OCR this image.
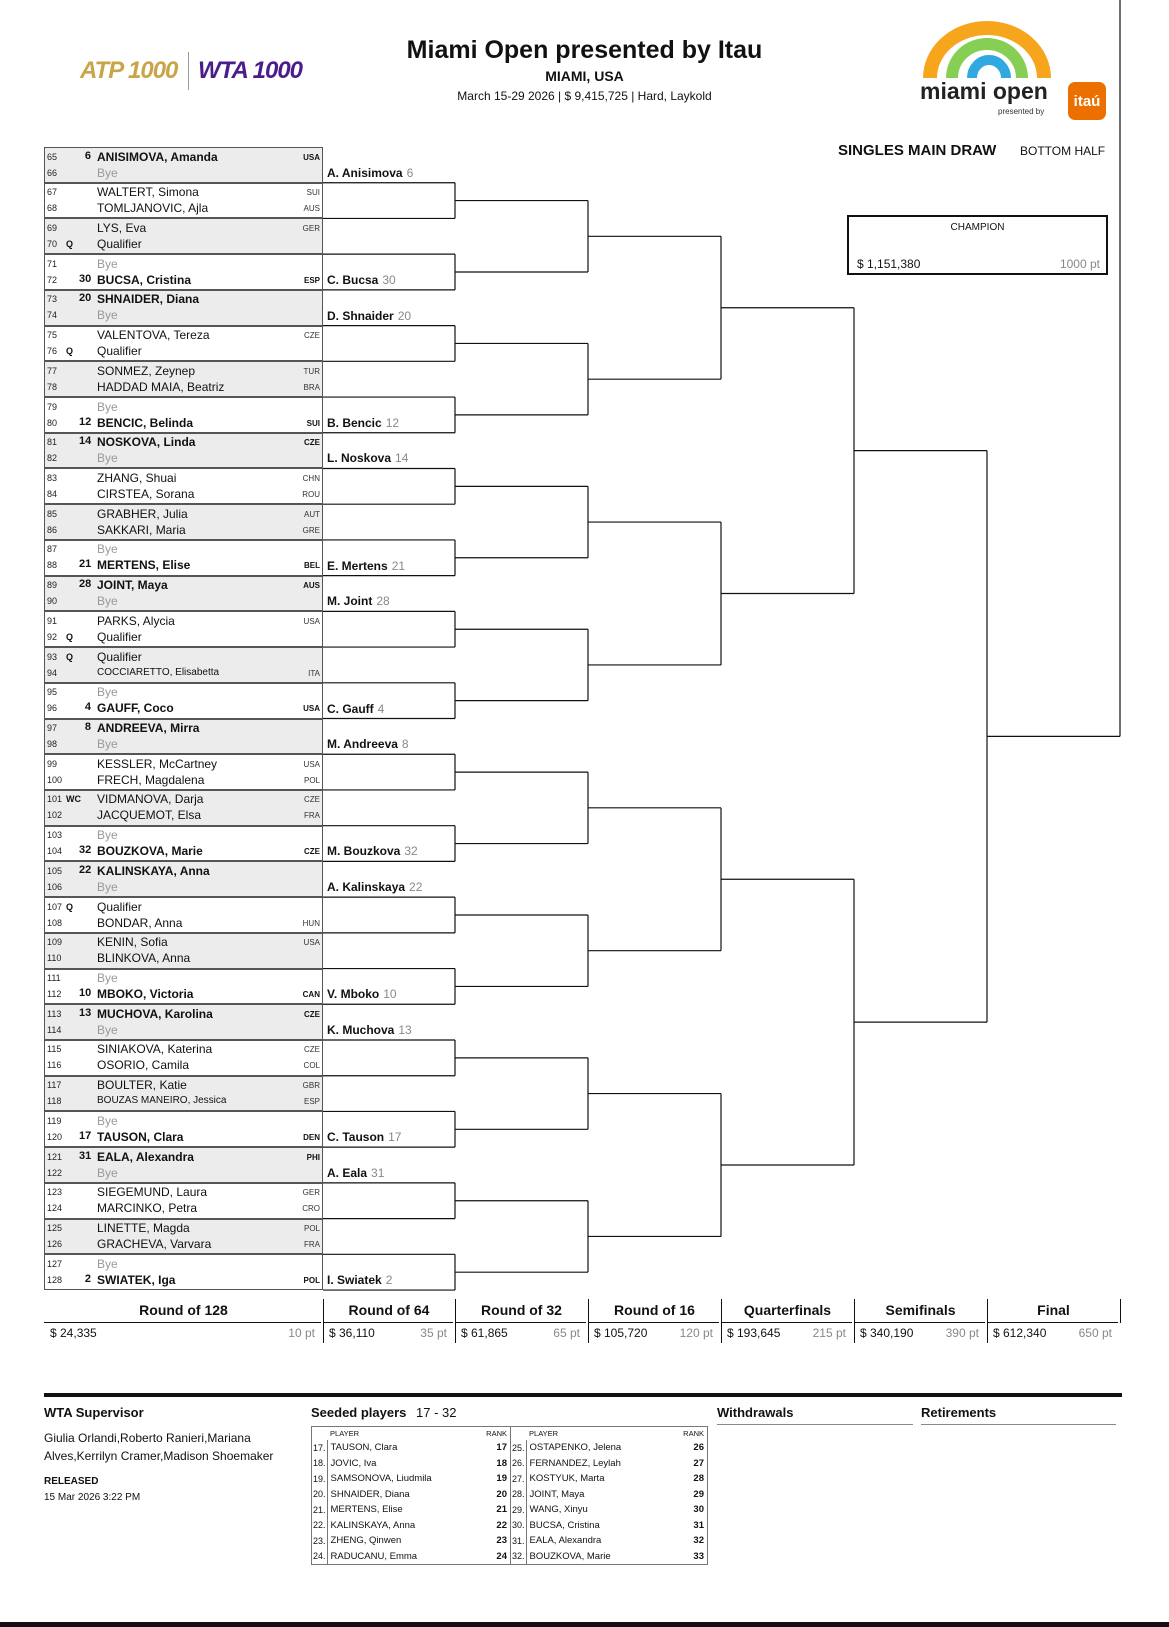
ATP 1000 WTA 1000
Miami Open presented by Itau
MIAMI, USA
March 15-29 2026 | $ 9,415,725 | Hard, Laykold	miami open
presented by
itaú
SINGLES MAIN DRAW BOTTOM HALF
CHAMPION
$ 1,151,380	1000 pt
65	6 ANISIMOVA, Amanda	USA
66	Bye
67	WALTERT, Simona	SUI
68	TOMLJANOVIC, Ajla	AUS
69	LYS, Eva	GER
70 Q Qualifier
71	Bye
72 30 BUCSA, Cristina	ESP
73 20 SHNAIDER, Diana
74	Bye
75	VALENTOVA, Tereza	CZE
76 Q Qualifier
77	SONMEZ, Zeynep	TUR
78	HADDAD MAIA, Beatriz	BRA
79	Bye
80 12 BENCIC, Belinda	SUI
81 14 NOSKOVA, Linda	CZE
82	Bye
83	ZHANG, Shuai	CHN
84	CIRSTEA, Sorana	ROU
85	GRABHER, Julia	AUT
86	SAKKARI, Maria	GRE
87	Bye
88 21 MERTENS, Elise	BEL
89 28 JOINT, Maya	AUS
90	Bye
91	PARKS, Alycia	USA
92 Q Qualifier
93 Q Qualifier
94	COCCIARETTO, Elisabetta	ITA
95	Bye
96	4 GAUFF, Coco	USA
97	8 ANDREEVA, Mirra
98	Bye
99	KESSLER, McCartney	USA
100	FRECH, Magdalena	POL
101 WC VIDMANOVA, Darja	CZE
102	JACQUEMOT, Elsa	FRA
103	Bye
104 32 BOUZKOVA, Marie	CZE
105 22 KALINSKAYA, Anna
106	Bye
107 Q Qualifier
108	BONDAR, Anna	HUN
109	KENIN, Sofia	USA
110	BLINKOVA, Anna
111	Bye
112 10 MBOKO, Victoria	CAN
113 13 MUCHOVA, Karolina	CZE
114	Bye
115	SINIAKOVA, Katerina	CZE
116	OSORIO, Camila	COL
117	BOULTER, Katie	GBR
118	BOUZAS MANEIRO, Jessica	ESP
119	Bye
120 17 TAUSON, Clara	DEN
121 31 EALA, Alexandra	PHI
122	Bye
123	SIEGEMUND, Laura	GER
124	MARCINKO, Petra	CRO
125	LINETTE, Magda	POL
126	GRACHEVA, Varvara	FRA
127	Bye
128	2 SWIATEK, Iga	POL
A. Anisimova 6
C. Bucsa 30
D. Shnaider 20
B. Bencic 12
L. Noskova 14
E. Mertens 21
M. Joint 28
C. Gauff 4
M. Andreeva 8
M. Bouzkova 32
A. Kalinskaya 22
V. Mboko 10
K. Muchova 13
C. Tauson 17
A. Eala 31
I. Swiatek 2
Round of 128
$ 24,335	10 pt
Round of 64
$ 36,110	35 pt
Round of 32
$ 61,865	65 pt
Round of 16
$ 105,720	120 pt
Quarterfinals
$ 193,645	215 pt
Semifinals
$ 340,190	390 pt
Final
$ 612,340	650 pt
WTA Supervisor
Giulia Orlandi,Roberto Ranieri,Mariana Alves,Kerrilyn Cramer,Madison Shoemaker
RELEASED
15 Mar 2026 3:22 PM
Seeded players 17 - 32
	PLAYER	RANK
17.	TAUSON, Clara	17
18.	JOVIC, Iva	18
19.	SAMSONOVA, Liudmila	19
20.	SHNAIDER, Diana	20
21.	MERTENS, Elise	21
22.	KALINSKAYA, Anna	22
23.	ZHENG, Qinwen	23
24.	RADUCANU, Emma	24
	PLAYER	RANK
25.	OSTAPENKO, Jelena	26
26.	FERNANDEZ, Leylah	27
27.	KOSTYUK, Marta	28
28.	JOINT, Maya	29
29.	WANG, Xinyu	30
30.	BUCSA, Cristina	31
31.	EALA, Alexandra	32
32.	BOUZKOVA, Marie	33
Withdrawals	Retirements
